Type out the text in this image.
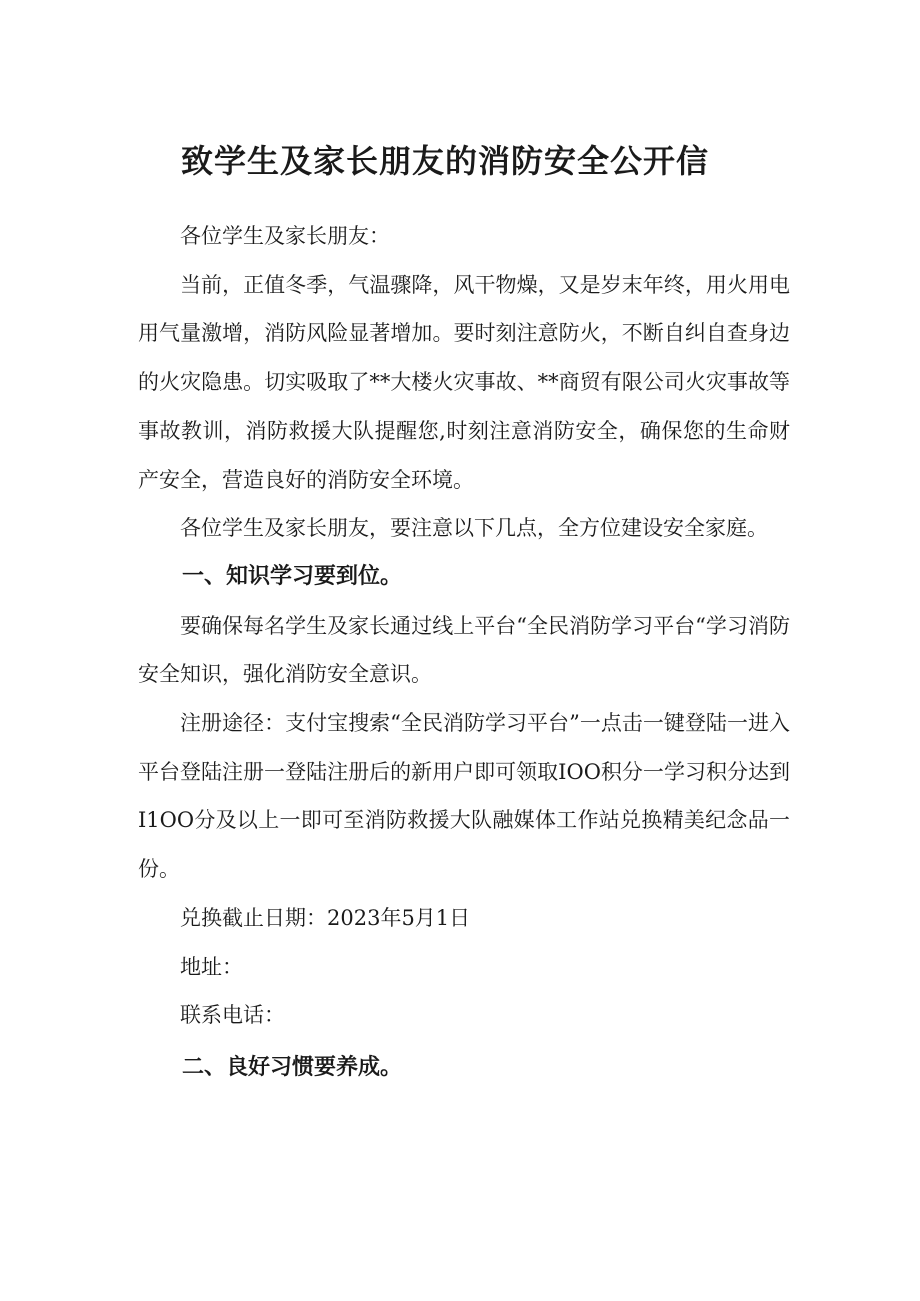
致学生及家长朋友的消防安全公开信

各位学生及家长朋友：

当前，正值冬季，气温骤降，风干物燥，又是岁末年终，用火用电用气量激增，消防风险显著增加。要时刻注意防火，不断自纠自查身边的火灾隐患。切实吸取了**大楼火灾事故、**商贸有限公司火灾事故等事故教训，消防救援大队提醒您,时刻注意消防安全，确保您的生命财产安全，营造良好的消防安全环境。

各位学生及家长朋友，要注意以下几点，全方位建设安全家庭。

一、知识学习要到位。

要确保每名学生及家长通过线上平台“全民消防学习平台“学习消防安全知识，强化消防安全意识。

注册途径：支付宝搜索“全民消防学习平台”一点击一键登陆一进入平台登陆注册一登陆注册后的新用户即可领取IOO积分一学习积分达到I1OO分及以上一即可至消防救援大队融媒体工作站兑换精美纪念品一份。

兑换截止日期：2023年5月1日

地址：

联系电话：

二、良好习惯要养成。
